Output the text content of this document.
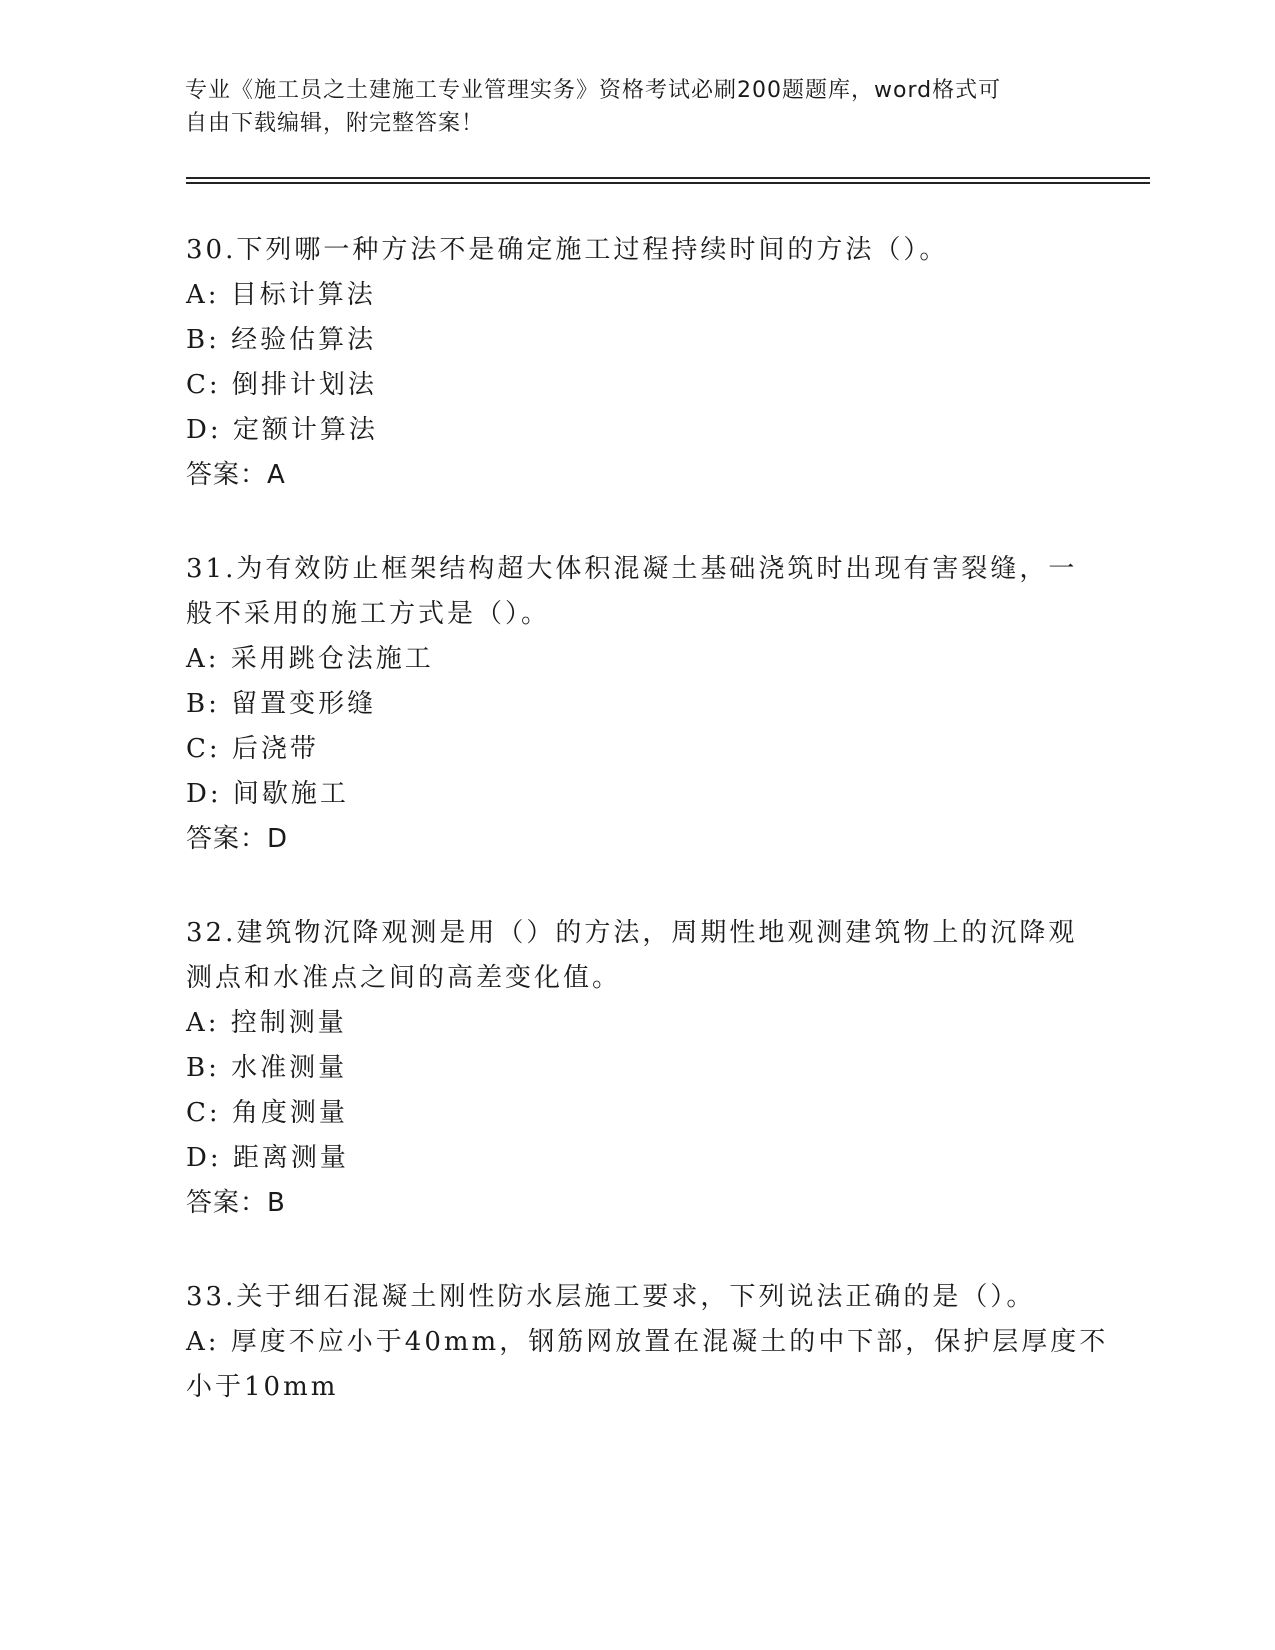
专业《施工员之土建施工专业管理实务》资格考试必刷200题题库，word格式可
自由下载编辑，附完整答案！
30.下列哪一种方法不是确定施工过程持续时间的方法（）。
A: 目标计算法
B: 经验估算法
C: 倒排计划法
D: 定额计算法
答案：A
31.为有效防止框架结构超大体积混凝土基础浇筑时出现有害裂缝，一
般不采用的施工方式是（）。
A: 采用跳仓法施工
B: 留置变形缝
C: 后浇带
D: 间歇施工
答案：D
32.建筑物沉降观测是用（）的方法，周期性地观测建筑物上的沉降观
测点和水准点之间的高差变化值。
A: 控制测量
B: 水准测量
C: 角度测量
D: 距离测量
答案：B
33.关于细石混凝土刚性防水层施工要求，下列说法正确的是（）。
A: 厚度不应小于40mm，钢筋网放置在混凝土的中下部，保护层厚度不
小于10mm
